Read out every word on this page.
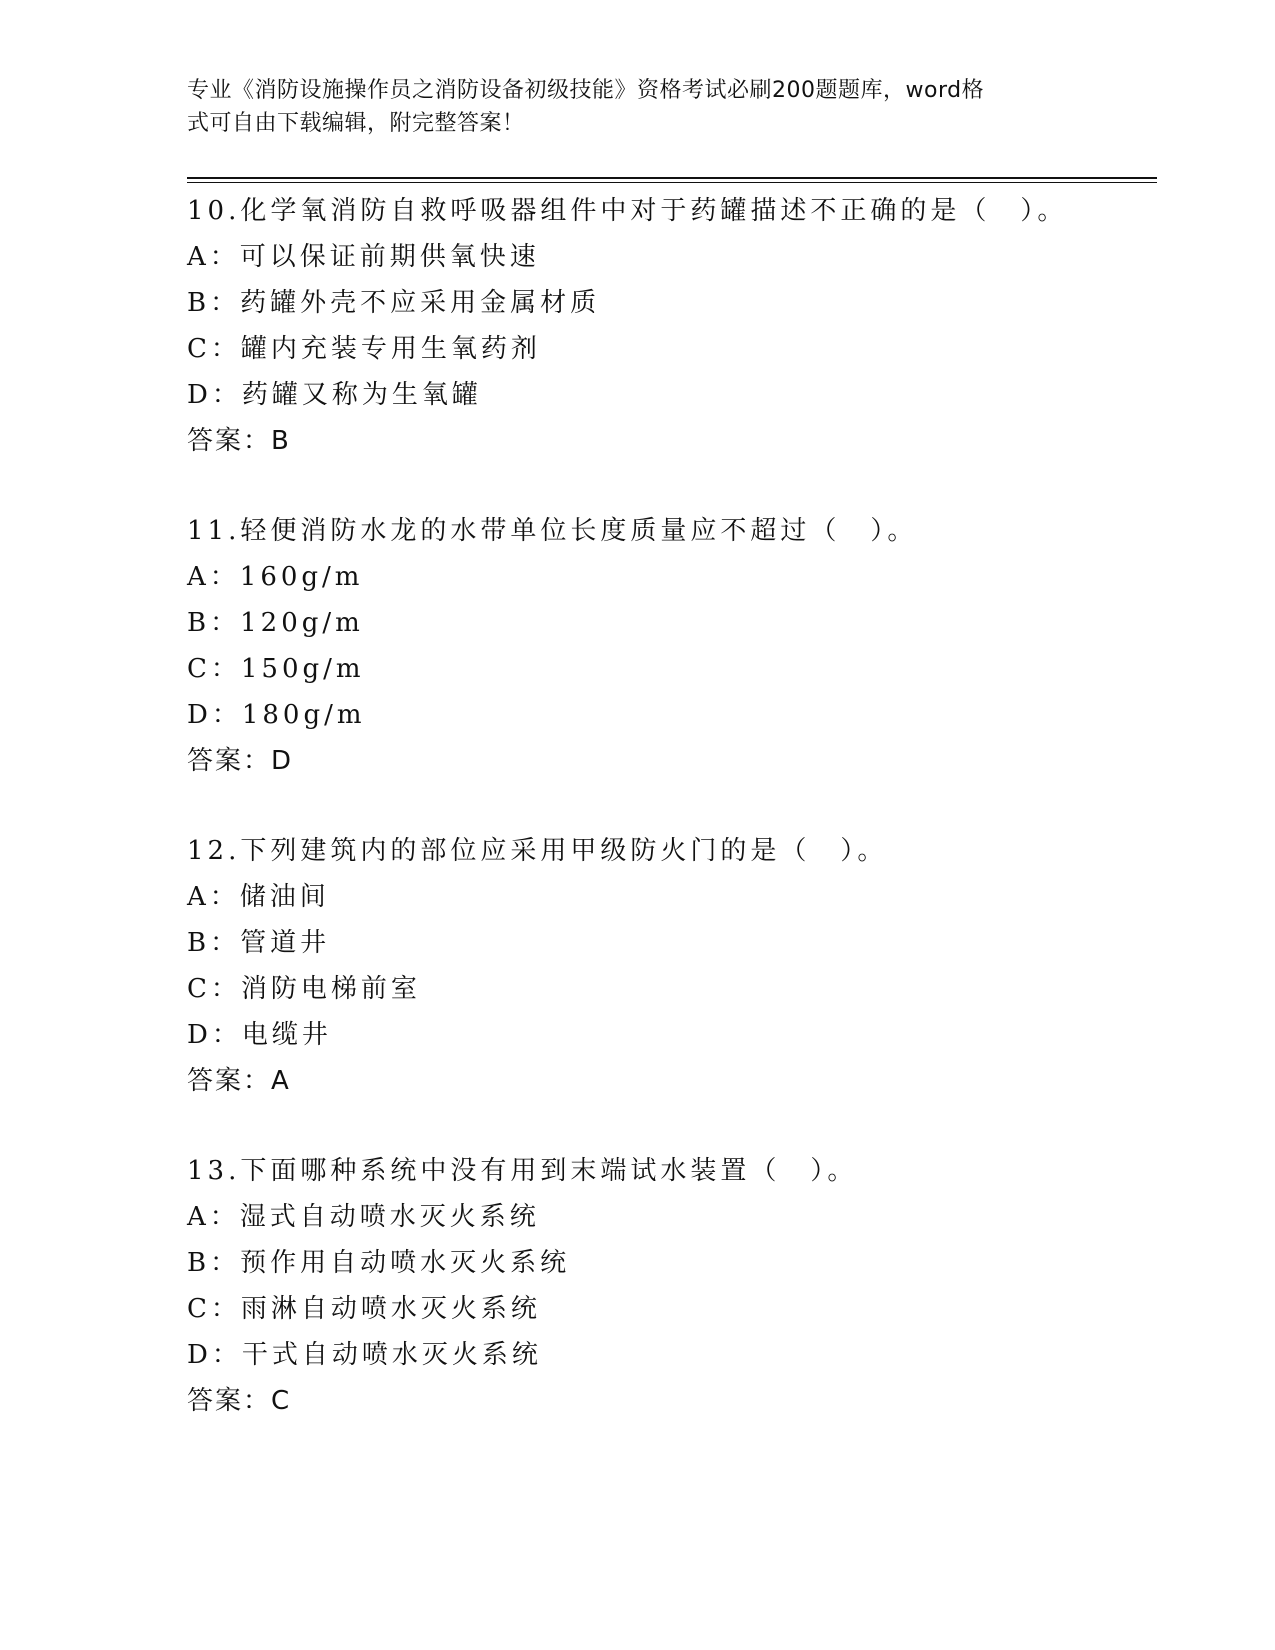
专业《消防设施操作员之消防设备初级技能》资格考试必刷200题题库，word格
式可自由下载编辑，附完整答案！
10.化学氧消防自救呼吸器组件中对于药罐描述不正确的是（　）。
A：可以保证前期供氧快速
B：药罐外壳不应采用金属材质
C：罐内充装专用生氧药剂
D：药罐又称为生氧罐
答案：B
11.轻便消防水龙的水带单位长度质量应不超过（　）。
A：160g/m
B：120g/m
C：150g/m
D：180g/m
答案：D
12.下列建筑内的部位应采用甲级防火门的是（　）。
A：储油间
B：管道井
C：消防电梯前室
D：电缆井
答案：A
13.下面哪种系统中没有用到末端试水装置（　）。
A：湿式自动喷水灭火系统
B：预作用自动喷水灭火系统
C：雨淋自动喷水灭火系统
D：干式自动喷水灭火系统
答案：C
